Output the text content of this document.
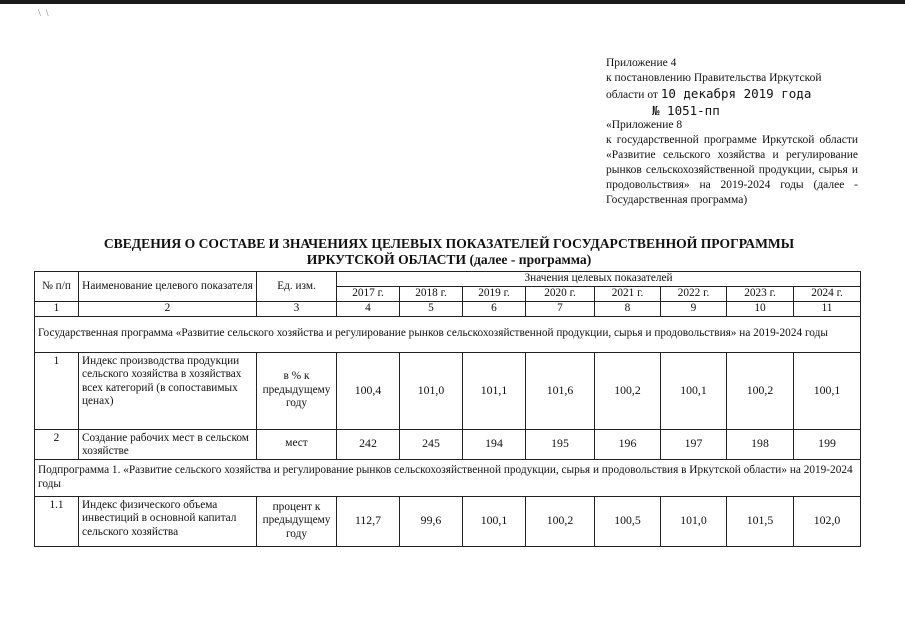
\  \
Приложение 4
к постановлению Правительства Иркутской
области от 10 декабря 2019 года
№ 1051-пп
«Приложение 8
к государственной программе Иркутской области «Развитие сельского хозяйства и регулирование рынков сельскохозяйственной продукции, сырья и продовольствия» на 2019-2024 годы (далее - Государственная программа)
СВЕДЕНИЯ О СОСТАВЕ И ЗНАЧЕНИЯХ ЦЕЛЕВЫХ ПОКАЗАТЕЛЕЙ ГОСУДАРСТВЕННОЙ ПРОГРАММЫ
ИРКУТСКОЙ ОБЛАСТИ (далее - программа)
№ п/п	Наименование целевого показателя	Ед. изм.	Значения целевых показателей							
			2017 г.	2018 г.	2019 г.	2020 г.	2021 г.	2022 г.	2023 г.	2024 г.
1	2	3	4	5	6	7	8	9	10	11
Государственная программа «Развитие сельского хозяйства и регулирование рынков сельскохозяйственной продукции, сырья и продовольствия» на 2019-2024 годы										
1	Индекс производства продукции сельского хозяйства в хозяйствах всех категорий (в сопоставимых ценах)	в % к предыдущему году	100,4	101,0	101,1	101,6	100,2	100,1	100,2	100,1
2	Создание рабочих мест в сельском хозяйстве	мест	242	245	194	195	196	197	198	199
Подпрограмма 1. «Развитие сельского хозяйства и регулирование рынков сельскохозяйственной продукции, сырья и продовольствия в Иркутской области» на 2019-2024 годы										
1.1	Индекс физического объема инвестиций в основной капитал сельского хозяйства	процент к предыдущему году	112,7	99,6	100,1	100,2	100,5	101,0	101,5	102,0
